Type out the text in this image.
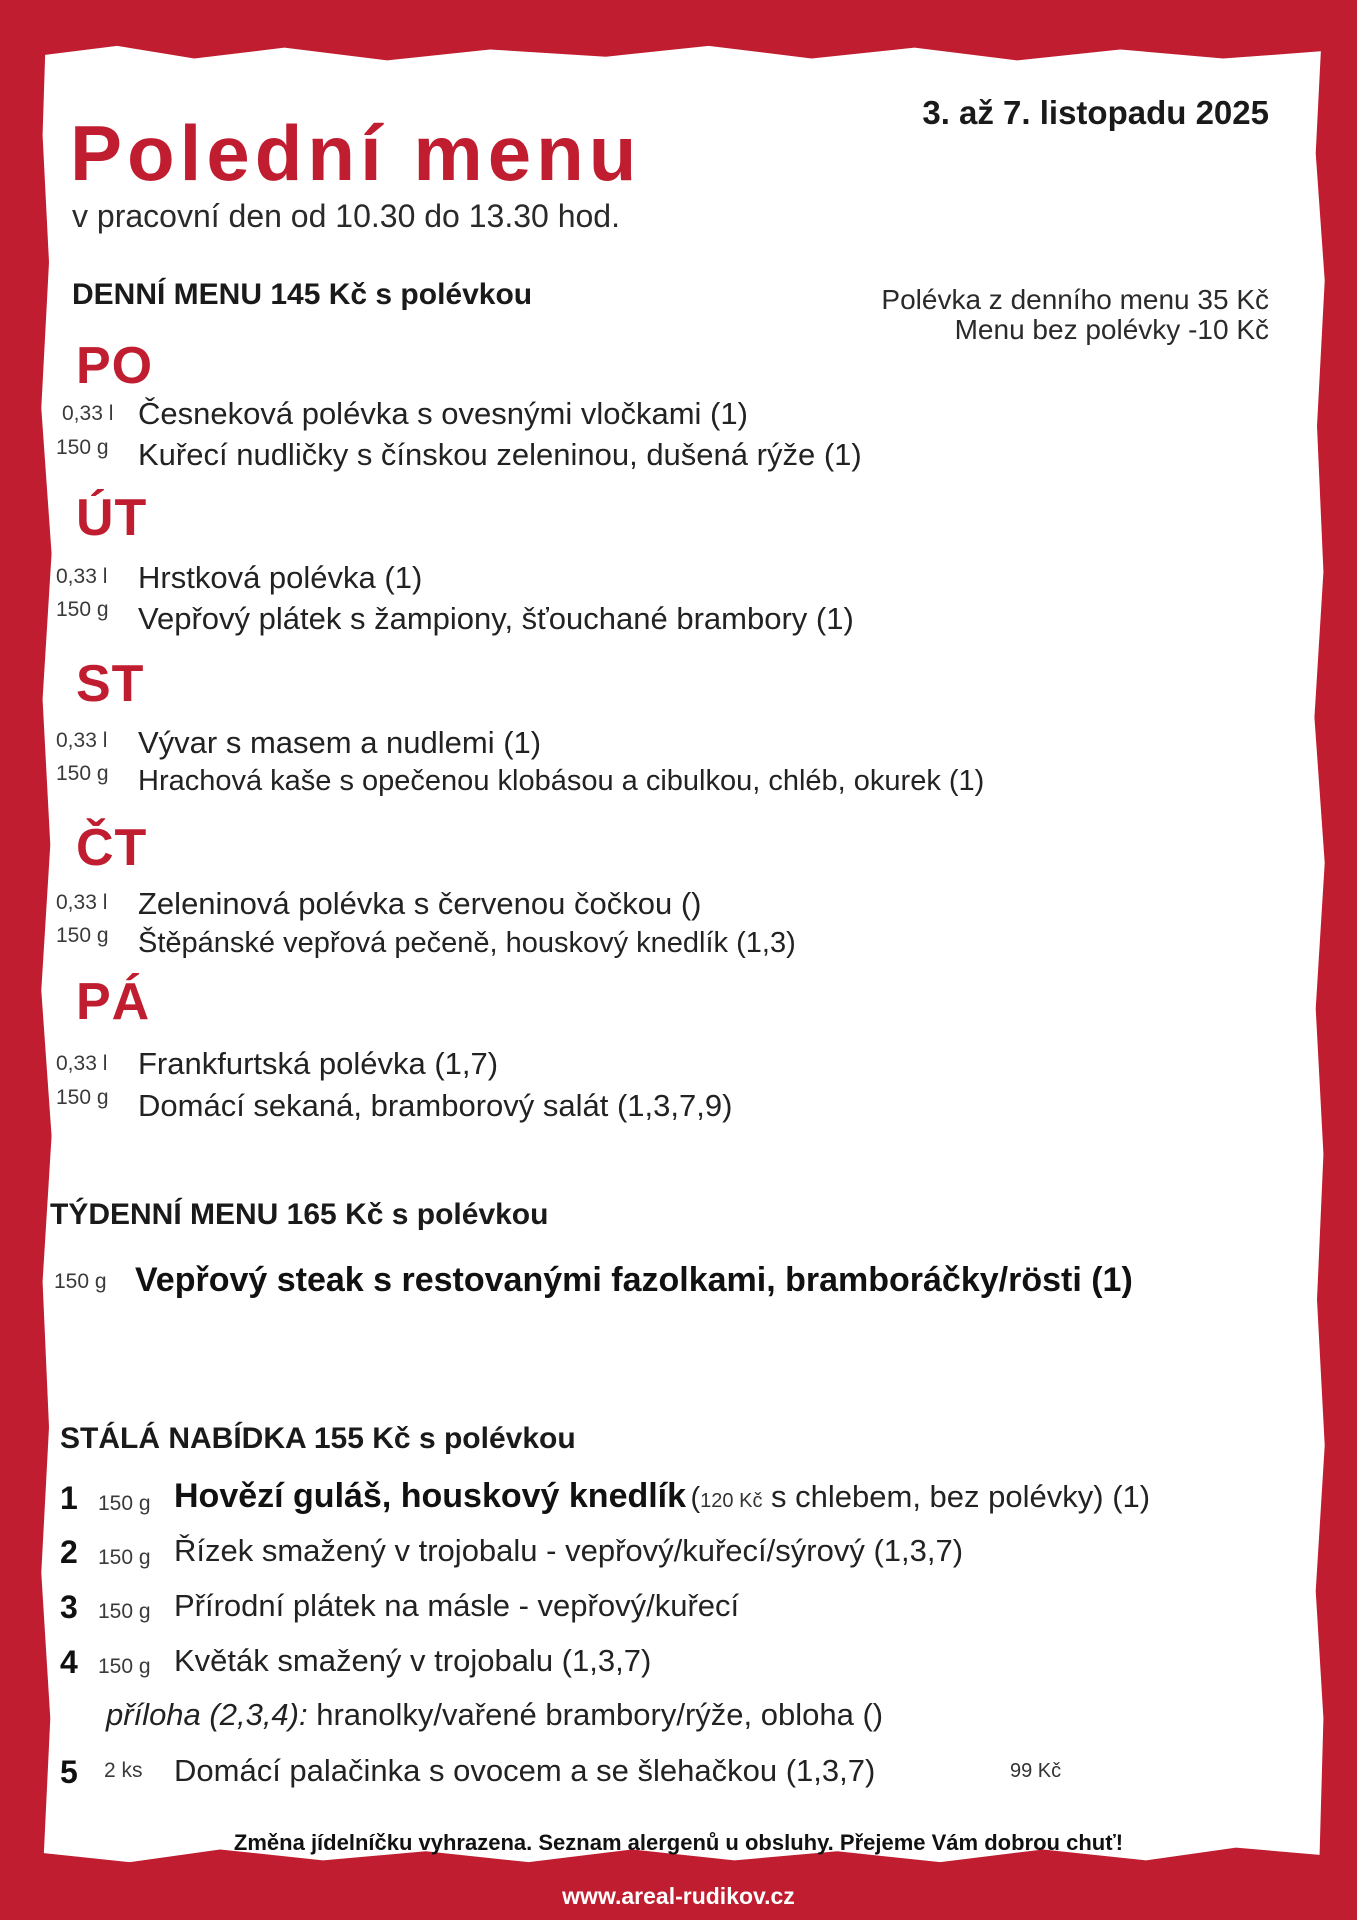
Polední menu
v pracovní den od 10.30 do 13.30 hod.
3. až 7. listopadu 2025
DENNÍ MENU 145 Kč s polévkou	Polévka z denního menu 35 Kč
Menu bez polévky -10 Kč
PO
0,33 l Česneková polévka s ovesnými vločkami (1)
150 g Kuřecí nudličky s čínskou zeleninou, dušená rýže (1)
ÚT
0,33 l Hrstková polévka (1)
150 g Vepřový plátek s žampiony, šťouchané brambory (1)
ST
0,33 l Vývar s masem a nudlemi (1)
150 g Hrachová kaše s opečenou klobásou a cibulkou, chléb, okurek (1)
ČT
0,33 l Zeleninová polévka s červenou čočkou ()
150 g Štěpánské vepřová pečeně, houskový knedlík (1,3)
PÁ
0,33 l Frankfurtská polévka (1,7)
150 g Domácí sekaná, bramborový salát (1,3,7,9)
TÝDENNÍ MENU 165 Kč s polévkou
150 g Vepřový steak s restovanými fazolkami, bramboráčky/rösti (1)
STÁLÁ NABÍDKA 155 Kč s polévkou
1 150 g Hovězí guláš, houskový knedlík (120 Kč s chlebem, bez polévky) (1)
2 150 g Řízek smažený v trojobalu - vepřový/kuřecí/sýrový (1,3,7)
3 150 g Přírodní plátek na másle - vepřový/kuřecí
4 150 g Květák smažený v trojobalu (1,3,7)
příloha (2,3,4): hranolky/vařené brambory/rýže, obloha ()
5 2 ks Domácí palačinka s ovocem a se šlehačkou (1,3,7)	99 Kč
Změna jídelníčku vyhrazena. Seznam alergenů u obsluhy. Přejeme Vám dobrou chuť!
www.areal-rudikov.cz
